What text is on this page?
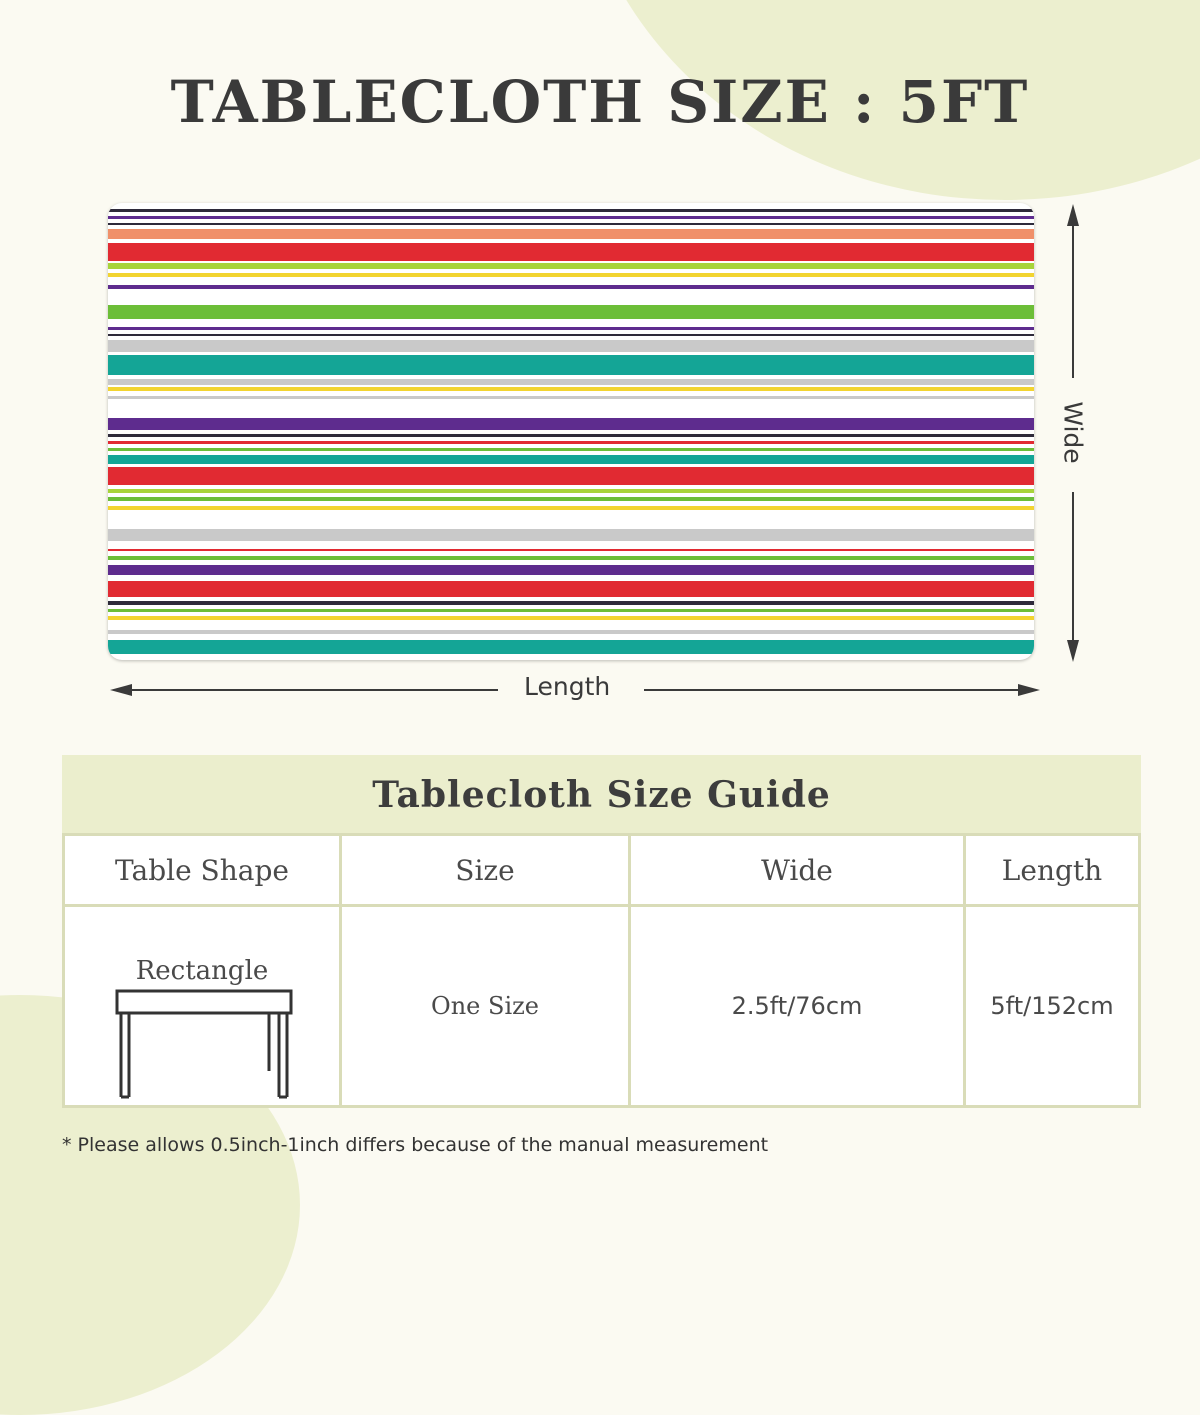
TABLECLOTH SIZE : 5FT
Length
Wide
Tablecloth Size Guide
Table Shape	Size	Wide	Length

Rectangle	One Size	2.5ft/76cm	5ft/152cm
* Please allows 0.5inch-1inch differs because of the manual measurement
